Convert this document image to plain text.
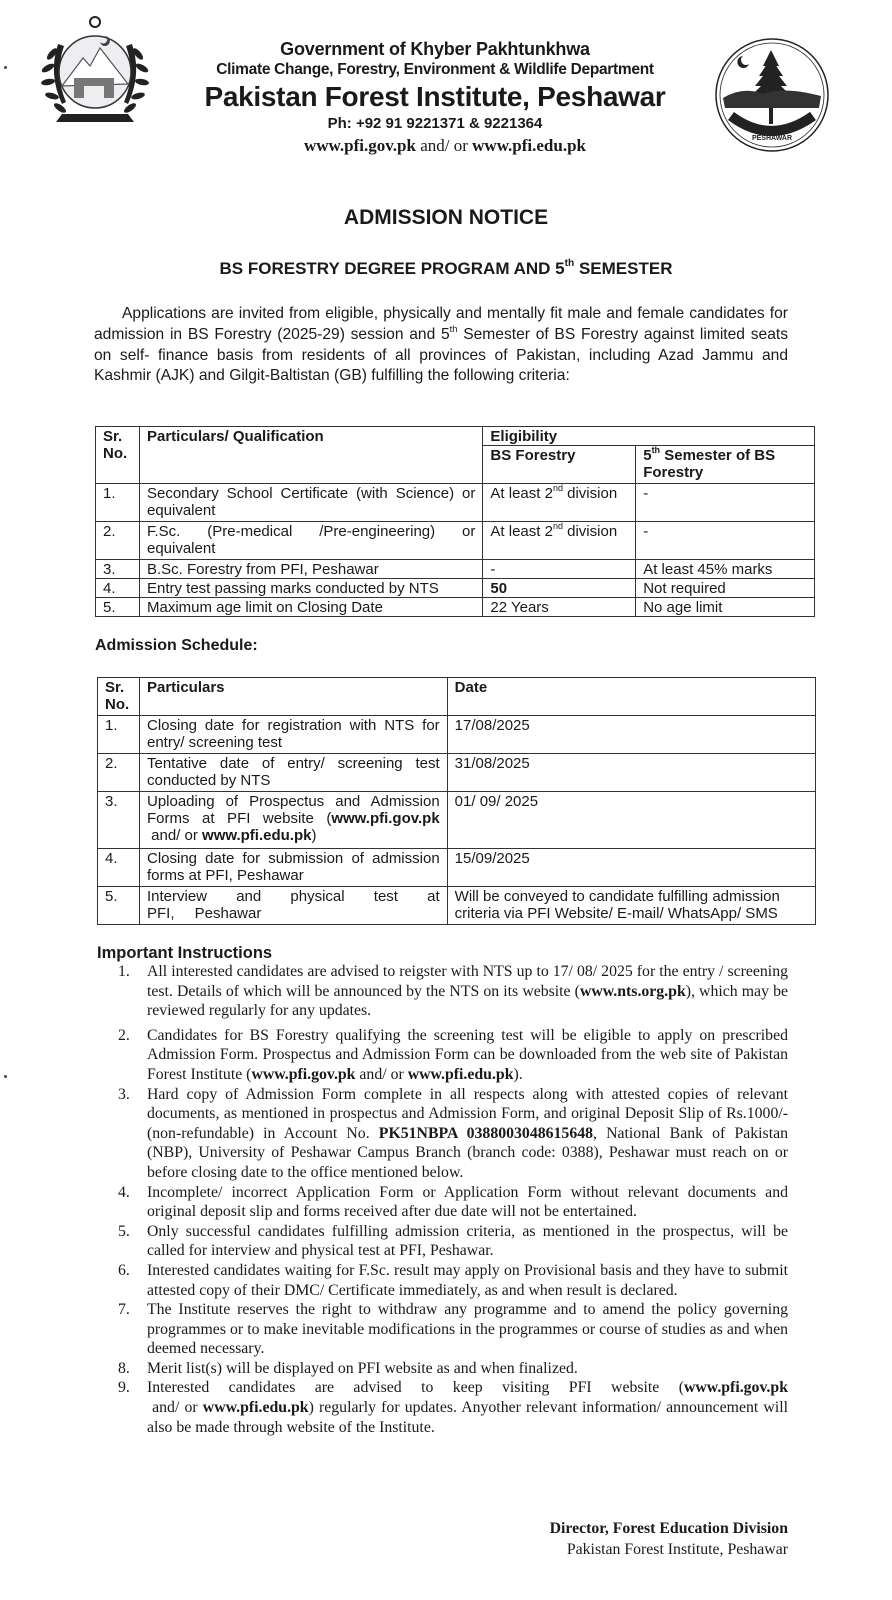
Government of Khyber Pakhtunkhwa
Climate Change, Forestry, Environment & Wildlife Department
Pakistan Forest Institute, Peshawar
Ph: +92 91 9221371 & 9221364
www.pfi.gov.pk and/ or www.pfi.edu.pk	PESHAWAR
ADMISSION NOTICE
BS FORESTRY DEGREE PROGRAM AND 5th SEMESTER

Applications are invited from eligible, physically and mentally fit male and female candidates for admission in BS Forestry (2025-29) session and 5th Semester of BS Forestry against limited seats on self- finance basis from residents of all provinces of Pakistan, including Azad Jammu and Kashmir (AJK) and Gilgit-Baltistan (GB) fulfilling the following criteria:

Sr. No.	Particulars/ Qualification	Eligibility	
		BS Forestry	5th Semester of BS Forestry
1.	Secondary School Certificate (with Science) or equivalent	At least 2nd division	-
2.	F.Sc. (Pre-medical /Pre-engineering) or equivalent	At least 2nd division	-
3.	B.Sc. Forestry from PFI, Peshawar	-	At least 45% marks
4.	Entry test passing marks conducted by NTS	50	Not required
5.	Maximum age limit on Closing Date	22 Years	No age limit
Admission Schedule:
Sr. No.	Particulars	Date
1.	Closing date for registration with NTS for entry/ screening test	17/08/2025
2.	Tentative date of entry/ screening test conducted by NTS	31/08/2025
3.	Uploading of Prospectus and Admission Forms at PFI website (www.pfi.gov.pk and/ or www.pfi.edu.pk)	01/ 09/ 2025
4.	Closing date for submission of admission forms at PFI, Peshawar	15/09/2025
5.	Interview and physical test at PFI, Peshawar	Will be conveyed to candidate fulfilling admission criteria via PFI Website/ E-mail/ WhatsApp/ SMS
Important Instructions
1. All interested candidates are advised to reigster with NTS up to 17/ 08/ 2025 for the entry / screening test. Details of which will be announced by the NTS on its website (www.nts.org.pk), which may be reviewed regularly for any updates.
2. Candidates for BS Forestry qualifying the screening test will be eligible to apply on prescribed Admission Form. Prospectus and Admission Form can be downloaded from the web site of Pakistan Forest Institute (www.pfi.gov.pk and/ or www.pfi.edu.pk).
3. Hard copy of Admission Form complete in all respects along with attested copies of relevant documents, as mentioned in prospectus and Admission Form, and original Deposit Slip of Rs.1000/- (non-refundable) in Account No. PK51NBPA 0388003048615648, National Bank of Pakistan (NBP), University of Peshawar Campus Branch (branch code: 0388), Peshawar must reach on or before closing date to the office mentioned below.
4. Incomplete/ incorrect Application Form or Application Form without relevant documents and original deposit slip and forms received after due date will not be entertained.
5. Only successful candidates fulfilling admission criteria, as mentioned in the prospectus, will be called for interview and physical test at PFI, Peshawar.
6. Interested candidates waiting for F.Sc. result may apply on Provisional basis and they have to submit attested copy of their DMC/ Certificate immediately, as and when result is declared.
7. The Institute reserves the right to withdraw any programme and to amend the policy governing programmes or to make inevitable modifications in the programmes or course of studies as and when deemed necessary.
8. Merit list(s) will be displayed on PFI website as and when finalized.
9. Interested candidates are advised to keep visiting PFI website (www.pfi.gov.pk and/ or www.pfi.edu.pk) regularly for updates. Anyother relevant information/ announcement will also be made through website of the Institute.
Director, Forest Education Division
Pakistan Forest Institute, Peshawar
